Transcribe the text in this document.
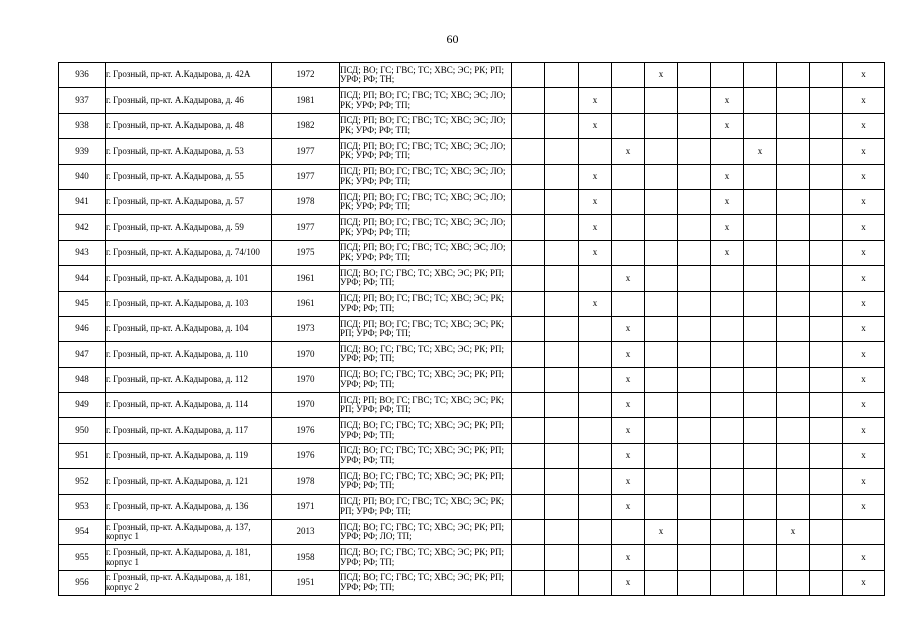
60
936	г. Грозный, пр-кт. А.Кадырова, д. 42А	1972	ПСД; ВО; ГС; ГВС; ТС; ХВС; ЭС; РК; РП; УРФ; РФ; ТН;					x						x
937	г. Грозный, пр-кт. А.Кадырова, д. 46	1981	ПСД; РП; ВО; ГС; ГВС; ТС; ХВС; ЭС; ЛО; РК; УРФ; РФ; ТП;			x				x				x
938	г. Грозный, пр-кт. А.Кадырова, д. 48	1982	ПСД; РП; ВО; ГС; ГВС; ТС; ХВС; ЭС; ЛО; РК; УРФ; РФ; ТП;			x				x				x
939	г. Грозный, пр-кт. А.Кадырова, д. 53	1977	ПСД; РП; ВО; ГС; ГВС; ТС; ХВС; ЭС; ЛО; РК; УРФ; РФ; ТП;				x				x			x
940	г. Грозный, пр-кт. А.Кадырова, д. 55	1977	ПСД; РП; ВО; ГС; ГВС; ТС; ХВС; ЭС; ЛО; РК; УРФ; РФ; ТП;			x				x				x
941	г. Грозный, пр-кт. А.Кадырова, д. 57	1978	ПСД; РП; ВО; ГС; ГВС; ТС; ХВС; ЭС; ЛО; РК; УРФ; РФ; ТП;			x				x				x
942	г. Грозный, пр-кт. А.Кадырова, д. 59	1977	ПСД; РП; ВО; ГС; ГВС; ТС; ХВС; ЭС; ЛО; РК; УРФ; РФ; ТП;			x				x				x
943	г. Грозный, пр-кт. А.Кадырова, д. 74/100	1975	ПСД; РП; ВО; ГС; ГВС; ТС; ХВС; ЭС; ЛО; РК; УРФ; РФ; ТП;			x				x				x
944	г. Грозный, пр-кт. А.Кадырова, д. 101	1961	ПСД; ВО; ГС; ГВС; ТС; ХВС; ЭС; РК; РП; УРФ; РФ; ТП;				x							x
945	г. Грозный, пр-кт. А.Кадырова, д. 103	1961	ПСД; РП; ВО; ГС; ГВС; ТС; ХВС; ЭС; РК; УРФ; РФ; ТП;			x								x
946	г. Грозный, пр-кт. А.Кадырова, д. 104	1973	ПСД; РП; ВО; ГС; ГВС; ТС; ХВС; ЭС; РК; РП; УРФ; РФ; ТП;				x							x
947	г. Грозный, пр-кт. А.Кадырова, д. 110	1970	ПСД; ВО; ГС; ГВС; ТС; ХВС; ЭС; РК; РП; УРФ; РФ; ТП;				x							x
948	г. Грозный, пр-кт. А.Кадырова, д. 112	1970	ПСД; ВО; ГС; ГВС; ТС; ХВС; ЭС; РК; РП; УРФ; РФ; ТП;				x							x
949	г. Грозный, пр-кт. А.Кадырова, д. 114	1970	ПСД; РП; ВО; ГС; ГВС; ТС; ХВС; ЭС; РК; РП; УРФ; РФ; ТП;				x							x
950	г. Грозный, пр-кт. А.Кадырова, д. 117	1976	ПСД; ВО; ГС; ГВС; ТС; ХВС; ЭС; РК; РП; УРФ; РФ; ТП;				x							x
951	г. Грозный, пр-кт. А.Кадырова, д. 119	1976	ПСД; ВО; ГС; ГВС; ТС; ХВС; ЭС; РК; РП; УРФ; РФ; ТП;				x							x
952	г. Грозный, пр-кт. А.Кадырова, д. 121	1978	ПСД; ВО; ГС; ГВС; ТС; ХВС; ЭС; РК; РП; УРФ; РФ; ТП;				x							x
953	г. Грозный, пр-кт. А.Кадырова, д. 136	1971	ПСД; РП; ВО; ГС; ГВС; ТС; ХВС; ЭС; РК; РП; УРФ; РФ; ТП;				x							x
954	г. Грозный, пр-кт. А.Кадырова, д. 137, корпус 1	2013	ПСД; ВО; ГС; ГВС; ТС; ХВС; ЭС; РК; РП; УРФ; РФ; ЛО; ТП;					x				x		
955	г. Грозный, пр-кт. А.Кадырова, д. 181, корпус 1	1958	ПСД; ВО; ГС; ГВС; ТС; ХВС; ЭС; РК; РП; УРФ; РФ; ТП;				x							x
956	г. Грозный, пр-кт. А.Кадырова, д. 181, корпус 2	1951	ПСД; ВО; ГС; ГВС; ТС; ХВС; ЭС; РК; РП; УРФ; РФ; ТП;				x							x
